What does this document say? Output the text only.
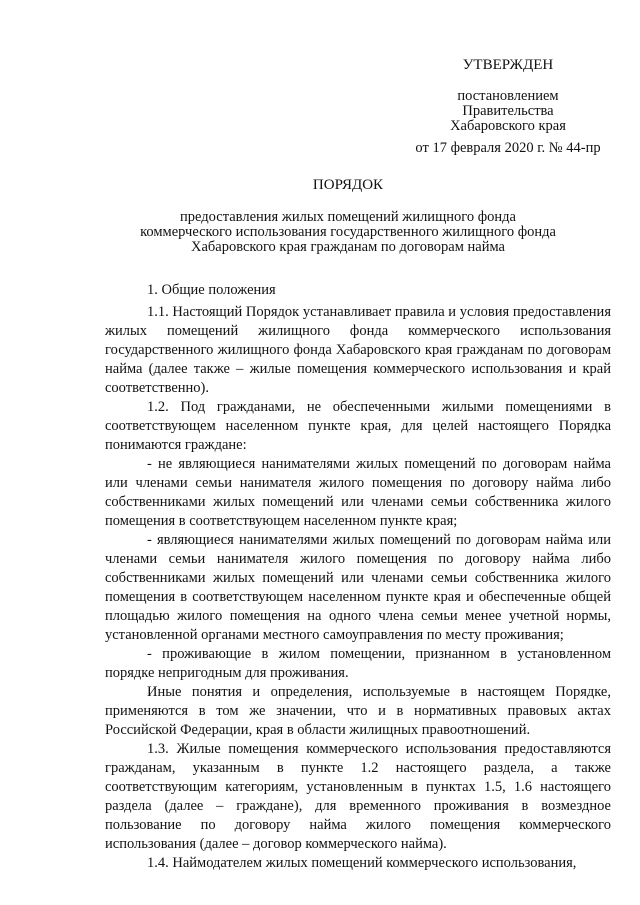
УТВЕРЖДЕН
постановлением
Правительства
Хабаровского края
от 17 февраля 2020 г. № 44-пр
ПОРЯДОК
предоставления жилых помещений жилищного фонда
коммерческого использования государственного жилищного фонда
Хабаровского края гражданам по договорам найма

1. Общие положения

1.1. Настоящий Порядок устанавливает правила и условия предоставления жилых помещений жилищного фонда коммерческого использования государственного жилищного фонда Хабаровского края гражданам по договорам найма (далее также – жилые помещения коммерческого использования и край соответственно).

1.2. Под гражданами, не обеспеченными жилыми помещениями в соответствующем населенном пункте края, для целей настоящего Порядка понимаются граждане:

- не являющиеся нанимателями жилых помещений по договорам найма или членами семьи нанимателя жилого помещения по договору найма либо собственниками жилых помещений или членами семьи собственника жилого помещения в соответствующем населенном пункте края;

- являющиеся нанимателями жилых помещений по договорам найма или членами семьи нанимателя жилого помещения по договору найма либо собственниками жилых помещений или членами семьи собственника жилого помещения в соответствующем населенном пункте края и обеспеченные общей площадью жилого помещения на одного члена семьи менее учетной нормы, установленной органами местного самоуправления по месту проживания;

- проживающие в жилом помещении, признанном в установленном порядке непригодным для проживания.

Иные понятия и определения, используемые в настоящем Порядке, применяются в том же значении, что и в нормативных правовых актах Российской Федерации, края в области жилищных правоотношений.

1.3. Жилые помещения коммерческого использования предоставляются гражданам, указанным в пункте 1.2 настоящего раздела, а также соответствующим категориям, установленным в пунктах 1.5, 1.6 настоящего раздела (далее – граждане), для временного проживания в возмездное пользование по договору найма жилого помещения коммерческого использования (далее – договор коммерческого найма).

1.4. Наймодателем жилых помещений коммерческого использования,
